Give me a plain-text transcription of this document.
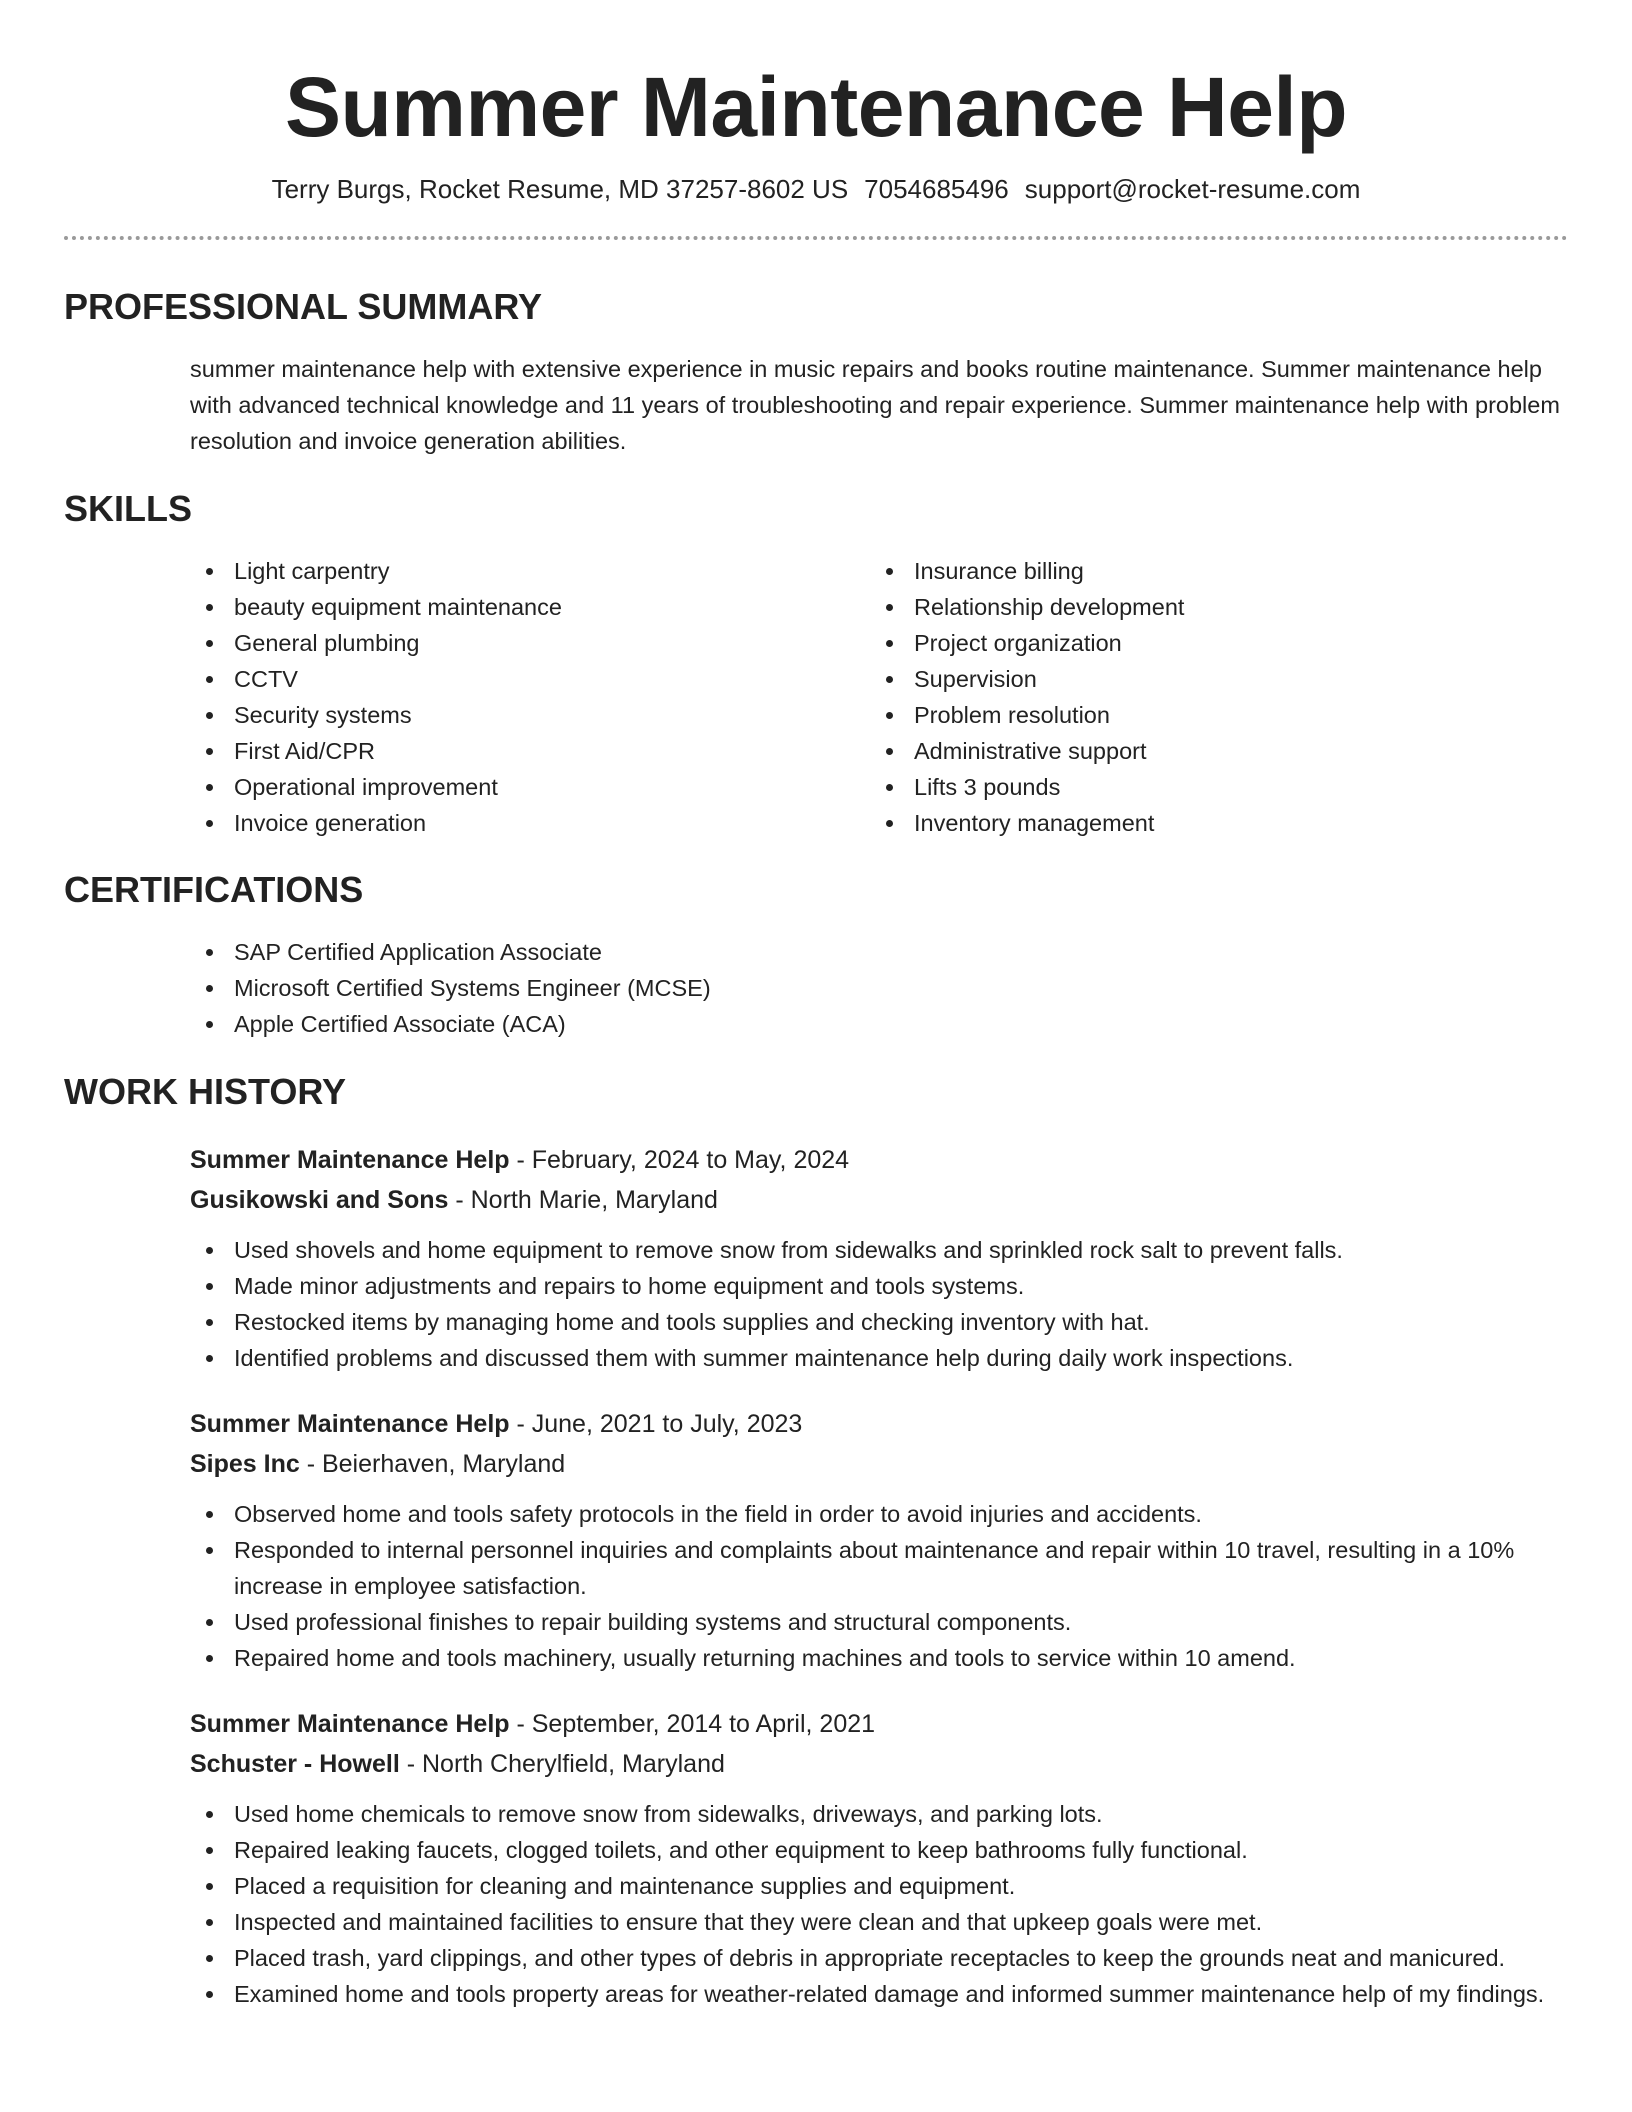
Summer Maintenance Help
Terry Burgs, Rocket Resume, MD 37257-8602 US 7054685496 support@rocket-resume.com
PROFESSIONAL SUMMARY
summer maintenance help with extensive experience in music repairs and books routine maintenance. Summer maintenance help with advanced technical knowledge and 11 years of troubleshooting and repair experience. Summer maintenance help with problem resolution and invoice generation abilities.
SKILLS
Light carpentry
beauty equipment maintenance
General plumbing
CCTV
Security systems
First Aid/CPR
Operational improvement
Invoice generation
Insurance billing
Relationship development
Project organization
Supervision
Problem resolution
Administrative support
Lifts 3 pounds
Inventory management
CERTIFICATIONS
SAP Certified Application Associate
Microsoft Certified Systems Engineer (MCSE)
Apple Certified Associate (ACA)
WORK HISTORY
Summer Maintenance Help - February, 2024 to May, 2024
Gusikowski and Sons - North Marie, Maryland
Used shovels and home equipment to remove snow from sidewalks and sprinkled rock salt to prevent falls.
Made minor adjustments and repairs to home equipment and tools systems.
Restocked items by managing home and tools supplies and checking inventory with hat.
Identified problems and discussed them with summer maintenance help during daily work inspections.
Summer Maintenance Help - June, 2021 to July, 2023
Sipes Inc - Beierhaven, Maryland
Observed home and tools safety protocols in the field in order to avoid injuries and accidents.
Responded to internal personnel inquiries and complaints about maintenance and repair within 10 travel, resulting in a 10% increase in employee satisfaction.
Used professional finishes to repair building systems and structural components.
Repaired home and tools machinery, usually returning machines and tools to service within 10 amend.
Summer Maintenance Help - September, 2014 to April, 2021
Schuster - Howell - North Cherylfield, Maryland
Used home chemicals to remove snow from sidewalks, driveways, and parking lots.
Repaired leaking faucets, clogged toilets, and other equipment to keep bathrooms fully functional.
Placed a requisition for cleaning and maintenance supplies and equipment.
Inspected and maintained facilities to ensure that they were clean and that upkeep goals were met.
Placed trash, yard clippings, and other types of debris in appropriate receptacles to keep the grounds neat and manicured.
Examined home and tools property areas for weather-related damage and informed summer maintenance help of my findings.
